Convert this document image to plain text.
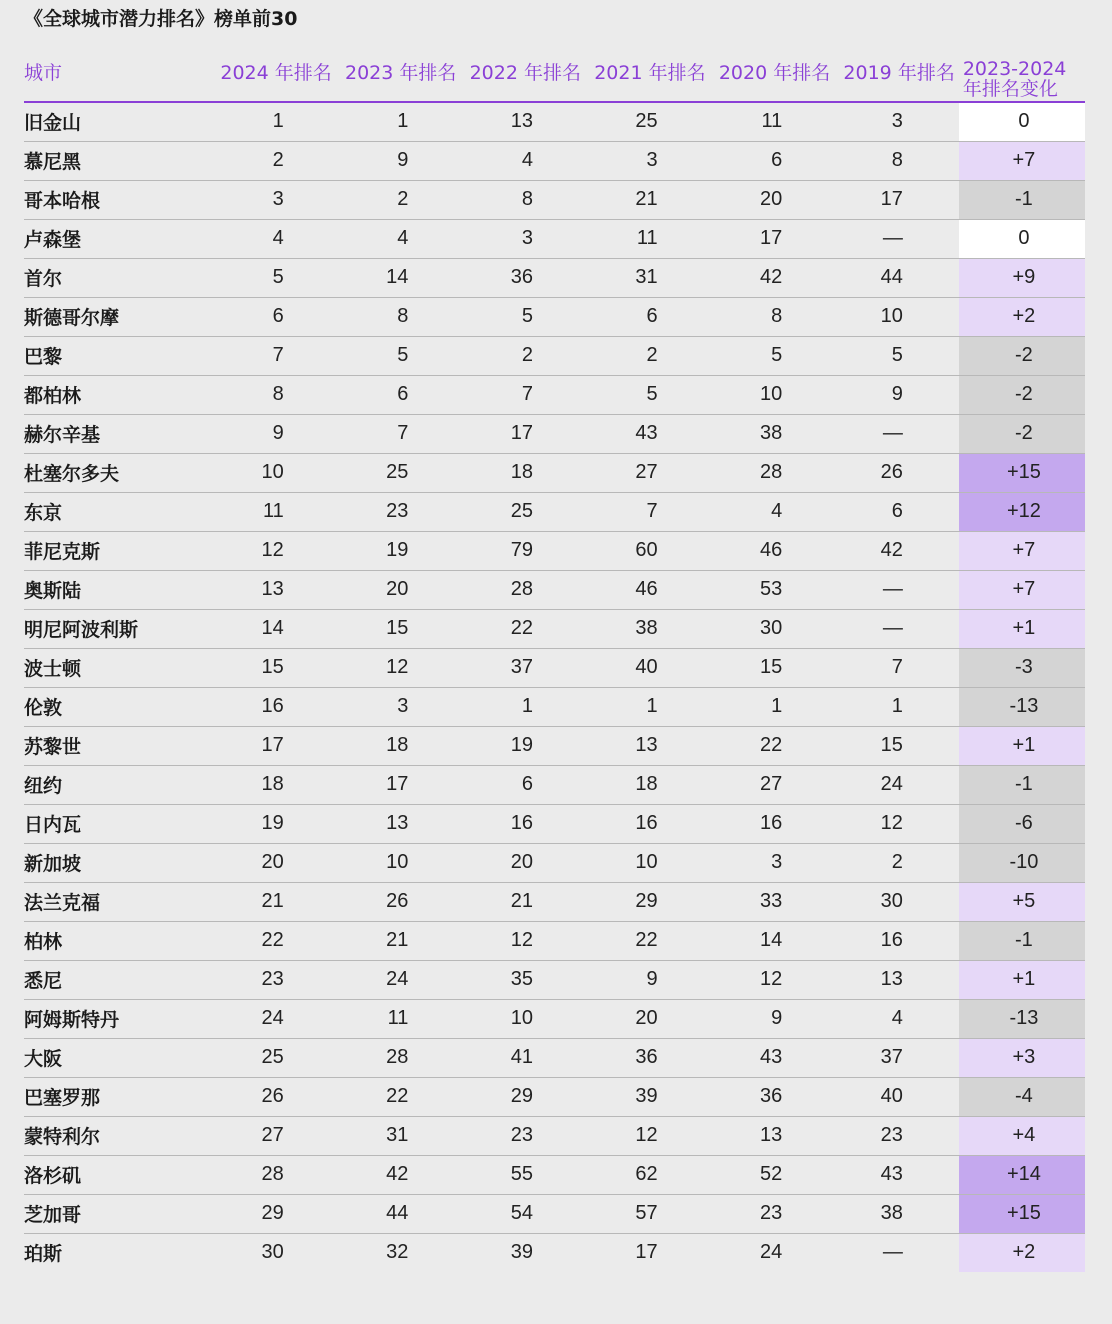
《全球城市潜力排名》榜单前30
城市	2024 年排名	2023 年排名	2022 年排名	2021 年排名	2020 年排名	2019 年排名	2023-2024年排名变化
旧金山	1	1	13	25	11	3	0

慕尼黑	2	9	4	3	6	8	+7

哥本哈根	3	2	8	21	20	17	-1

卢森堡	4	4	3	11	17	—	0

首尔	5	14	36	31	42	44	+9

斯德哥尔摩	6	8	5	6	8	10	+2

巴黎	7	5	2	2	5	5	-2

都柏林	8	6	7	5	10	9	-2

赫尔辛基	9	7	17	43	38	—	-2

杜塞尔多夫	10	25	18	27	28	26	+15

东京	11	23	25	7	4	6	+12

菲尼克斯	12	19	79	60	46	42	+7

奥斯陆	13	20	28	46	53	—	+7

明尼阿波利斯	14	15	22	38	30	—	+1

波士顿	15	12	37	40	15	7	-3

伦敦	16	3	1	1	1	1	-13

苏黎世	17	18	19	13	22	15	+1

纽约	18	17	6	18	27	24	-1

日内瓦	19	13	16	16	16	12	-6

新加坡	20	10	20	10	3	2	-10

法兰克福	21	26	21	29	33	30	+5

柏林	22	21	12	22	14	16	-1

悉尼	23	24	35	9	12	13	+1

阿姆斯特丹	24	11	10	20	9	4	-13

大阪	25	28	41	36	43	37	+3

巴塞罗那	26	22	29	39	36	40	-4

蒙特利尔	27	31	23	12	13	23	+4

洛杉矶	28	42	55	62	52	43	+14

芝加哥	29	44	54	57	23	38	+15

珀斯	30	32	39	17	24	—	+2
